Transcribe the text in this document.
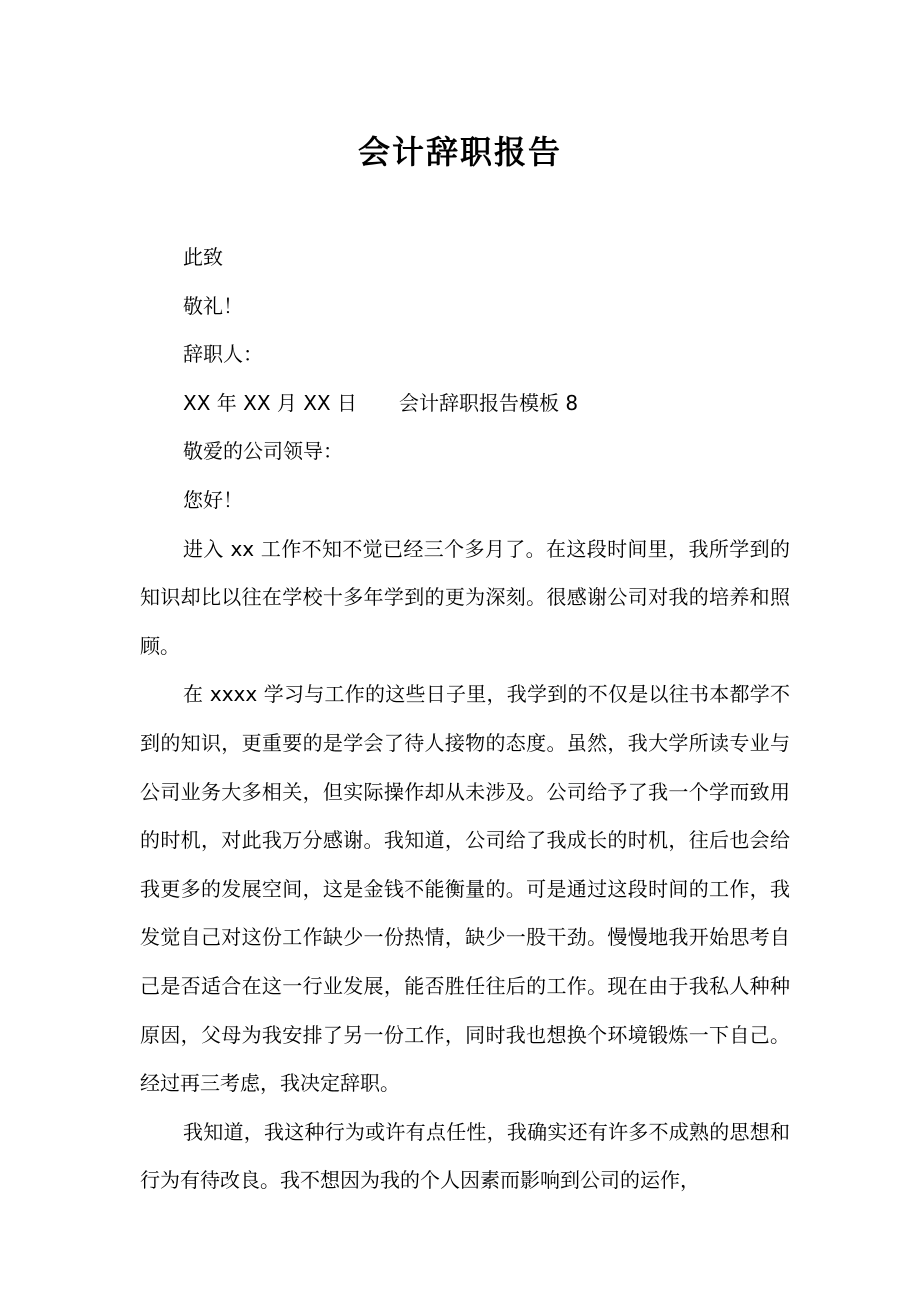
会计辞职报告

此致

敬礼！

辞职人：

XX 年 XX 月 XX 日 会计辞职报告模板 8

敬爱的公司领导：

您好！

进入 xx 工作不知不觉已经三个多月了。在这段时间里，我所学到的知识却比以往在学校十多年学到的更为深刻。很感谢公司对我的培养和照顾。

在 xxxx 学习与工作的这些日子里，我学到的不仅是以往书本都学不到的知识，更重要的是学会了待人接物的态度。虽然，我大学所读专业与公司业务大多相关，但实际操作却从未涉及。公司给予了我一个学而致用的时机，对此我万分感谢。我知道，公司给了我成长的时机，往后也会给我更多的发展空间，这是金钱不能衡量的。可是通过这段时间的工作，我发觉自己对这份工作缺少一份热情，缺少一股干劲。慢慢地我开始思考自己是否适合在这一行业发展，能否胜任往后的工作。现在由于我私人种种原因，父母为我安排了另一份工作，同时我也想换个环境锻炼一下自己。经过再三考虑，我决定辞职。

我知道，我这种行为或许有点任性，我确实还有许多不成熟的思想和行为有待改良。我不想因为我的个人因素而影响到公司的运作，
